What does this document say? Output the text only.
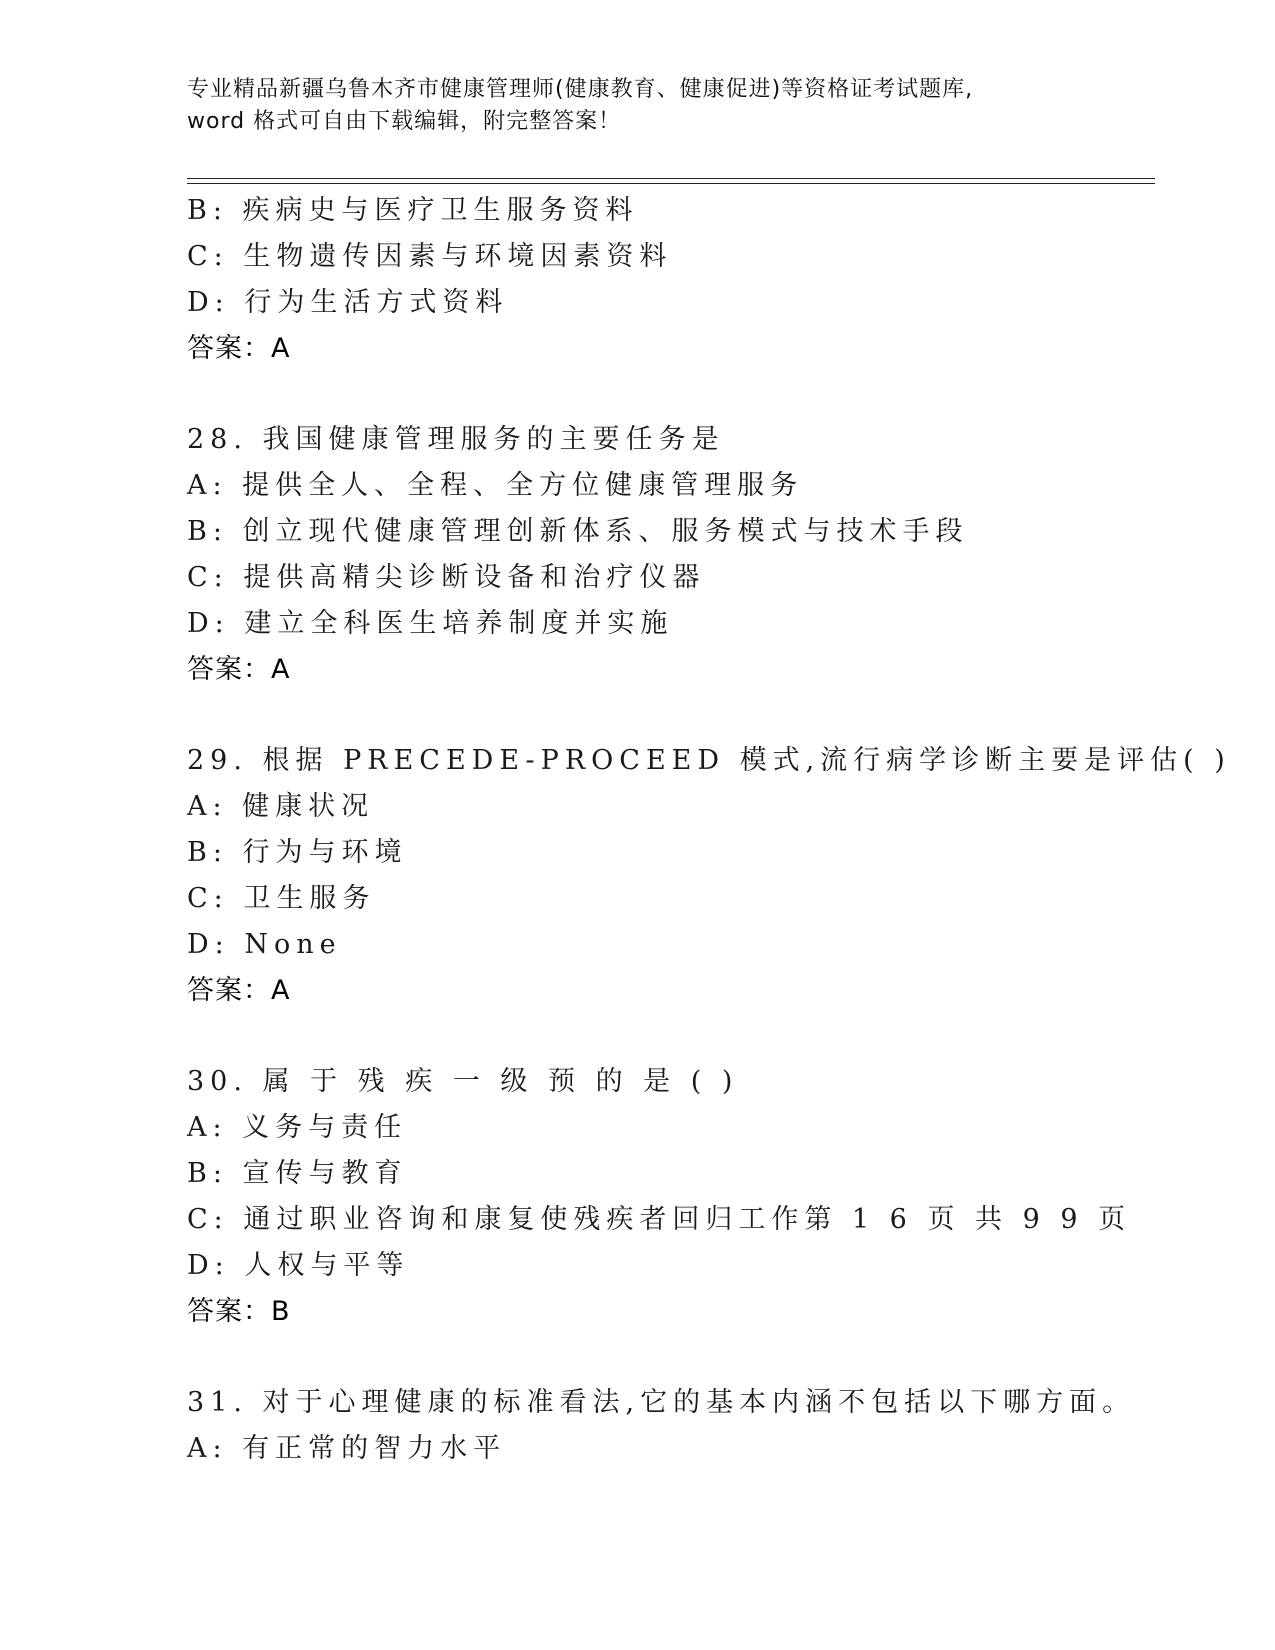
专业精品新疆乌鲁木齐市健康管理师(健康教育、健康促进)等资格证考试题库,
word 格式可自由下载编辑，附完整答案！
B: 疾病史与医疗卫生服务资料
C: 生物遗传因素与环境因素资料
D: 行为生活方式资料
答案：A
28. 我国健康管理服务的主要任务是
A: 提供全人、全程、全方位健康管理服务
B: 创立现代健康管理创新体系、服务模式与技术手段
C: 提供高精尖诊断设备和治疗仪器
D: 建立全科医生培养制度并实施
答案：A
29. 根据 PRECEDE-PROCEED 模式,流行病学诊断主要是评估( )
A: 健康状况
B: 行为与环境
C: 卫生服务
D: None
答案：A
30. 属 于 残 疾 一 级 预 的 是 ( )
A: 义务与责任
B: 宣传与教育
C: 通过职业咨询和康复使残疾者回归工作第 1 6 页 共 9 9 页
D: 人权与平等
答案：B
31. 对于心理健康的标准看法,它的基本内涵不包括以下哪方面。
A: 有正常的智力水平
